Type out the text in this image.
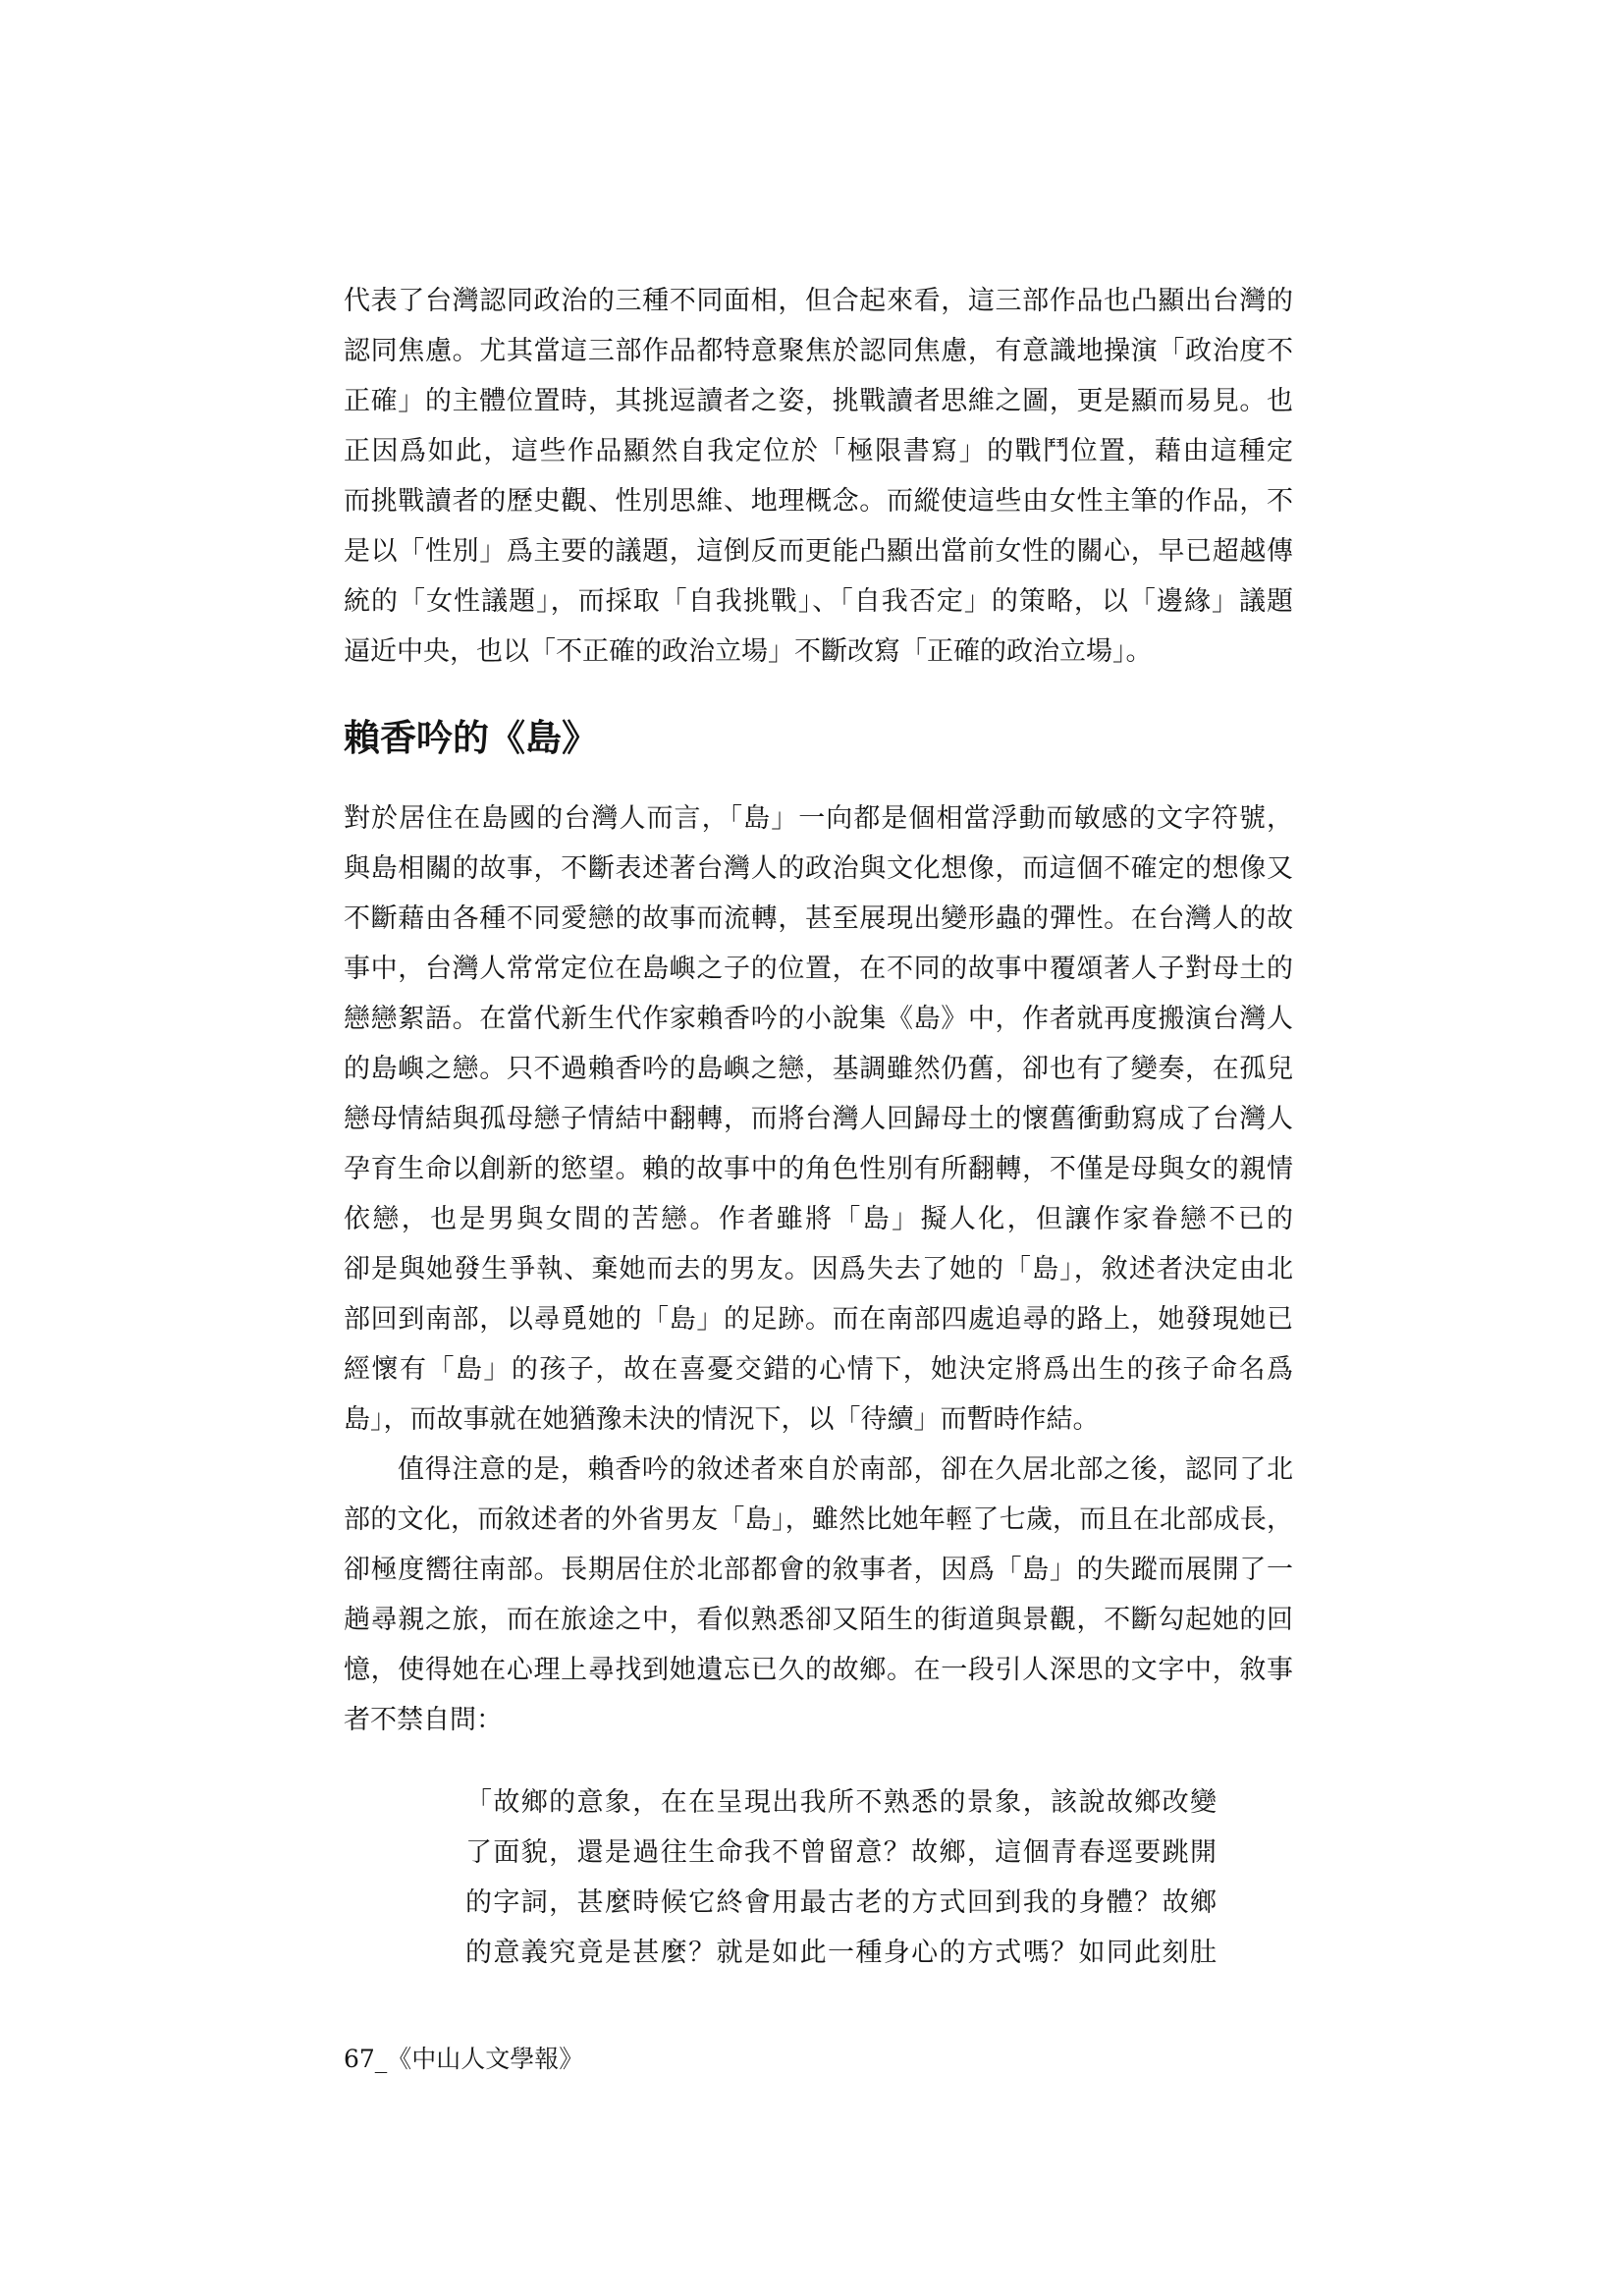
代表了台灣認同政治的三種不同面相，但合起來看，這三部作品也凸顯出台灣的
認同焦慮。尤其當這三部作品都特意聚焦於認同焦慮，有意識地操演「政治度不
正確」的主體位置時，其挑逗讀者之姿，挑戰讀者思維之圖，更是顯而易見。也
正因爲如此，這些作品顯然自我定位於「極限書寫」的戰鬥位置，藉由這種定
而挑戰讀者的歷史觀、性別思維、地理概念。而縱使這些由女性主筆的作品，不
是以「性別」爲主要的議題，這倒反而更能凸顯出當前女性的關心，早已超越傳
統的「女性議題」，而採取「自我挑戰」、「自我否定」的策略，以「邊緣」議題
逼近中央，也以「不正確的政治立場」不斷改寫「正確的政治立場」。
賴香吟的《島》
對於居住在島國的台灣人而言，「島」一向都是個相當浮動而敏感的文字符號，
與島相關的故事，不斷表述著台灣人的政治與文化想像，而這個不確定的想像又
不斷藉由各種不同愛戀的故事而流轉，甚至展現出變形蟲的彈性。在台灣人的故
事中，台灣人常常定位在島嶼之子的位置，在不同的故事中覆頌著人子對母土的
戀戀絮語。在當代新生代作家賴香吟的小說集《島》中，作者就再度搬演台灣人
的島嶼之戀。只不過賴香吟的島嶼之戀，基調雖然仍舊，卻也有了變奏，在孤兒
戀母情結與孤母戀子情結中翻轉，而將台灣人回歸母土的懷舊衝動寫成了台灣人
孕育生命以創新的慾望。賴的故事中的角色性別有所翻轉，不僅是母與女的親情
依戀，也是男與女間的苦戀。作者雖將「島」擬人化，但讓作家眷戀不已的
卻是與她發生爭執、棄她而去的男友。因爲失去了她的「島」，敘述者決定由北
部回到南部，以尋覓她的「島」的足跡。而在南部四處追尋的路上，她發現她已
經懷有「島」的孩子，故在喜憂交錯的心情下，她決定將爲出生的孩子命名爲
島」，而故事就在她猶豫未決的情況下，以「待續」而暫時作結。
值得注意的是，賴香吟的敘述者來自於南部，卻在久居北部之後，認同了北
部的文化，而敘述者的外省男友「島」，雖然比她年輕了七歲，而且在北部成長，
卻極度嚮往南部。長期居住於北部都會的敘事者，因爲「島」的失蹤而展開了一
趟尋親之旅，而在旅途之中，看似熟悉卻又陌生的街道與景觀，不斷勾起她的回
憶，使得她在心理上尋找到她遺忘已久的故鄉。在一段引人深思的文字中，敘事
者不禁自問：
「故鄉的意象，在在呈現出我所不熟悉的景象，該說故鄉改變
了面貌，還是過往生命我不曾留意？故鄉，這個青春逕要跳開
的字詞，甚麼時候它終會用最古老的方式回到我的身體？故鄉
的意義究竟是甚麼？就是如此一種身心的方式嗎？如同此刻肚
67_《中山人文學報》
